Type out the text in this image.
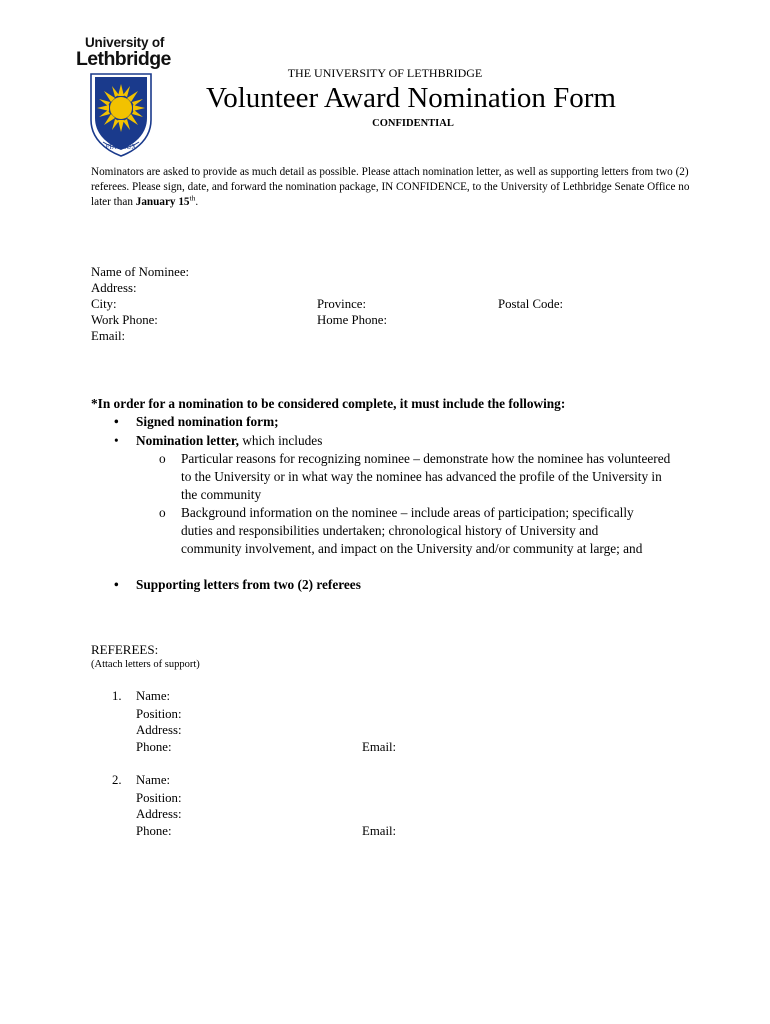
University of
Lethbridge
FIAT LUX
THE UNIVERSITY OF LETHBRIDGE
Volunteer Award Nomination Form
CONFIDENTIAL
Nominators are asked to provide as much detail as possible. Please attach nomination letter, as well as supporting letters from two (2) referees. Please sign, date, and forward the nomination package, IN CONFIDENCE, to the University of Lethbridge Senate Office no later than January 15th.
Name of Nominee:
Address:
City:	Province:	Postal Code:
Work Phone:	Home Phone:
Email:
*In order for a nomination to be considered complete, it must include the following:
• Signed nomination form;
• Nomination letter, which includes
o Particular reasons for recognizing nominee – demonstrate how the nominee has volunteered to the University or in what way the nominee has advanced the profile of the University in the community
o Background information on the nominee – include areas of participation; specifically duties and responsibilities undertaken; chronological history of University and community involvement, and impact on the University and/or community at large; and
• Supporting letters from two (2) referees
REFEREES:
(Attach letters of support)
1. Name:
Position:
Address:
Phone:	Email:
2. Name:
Position:
Address:
Phone:	Email:
